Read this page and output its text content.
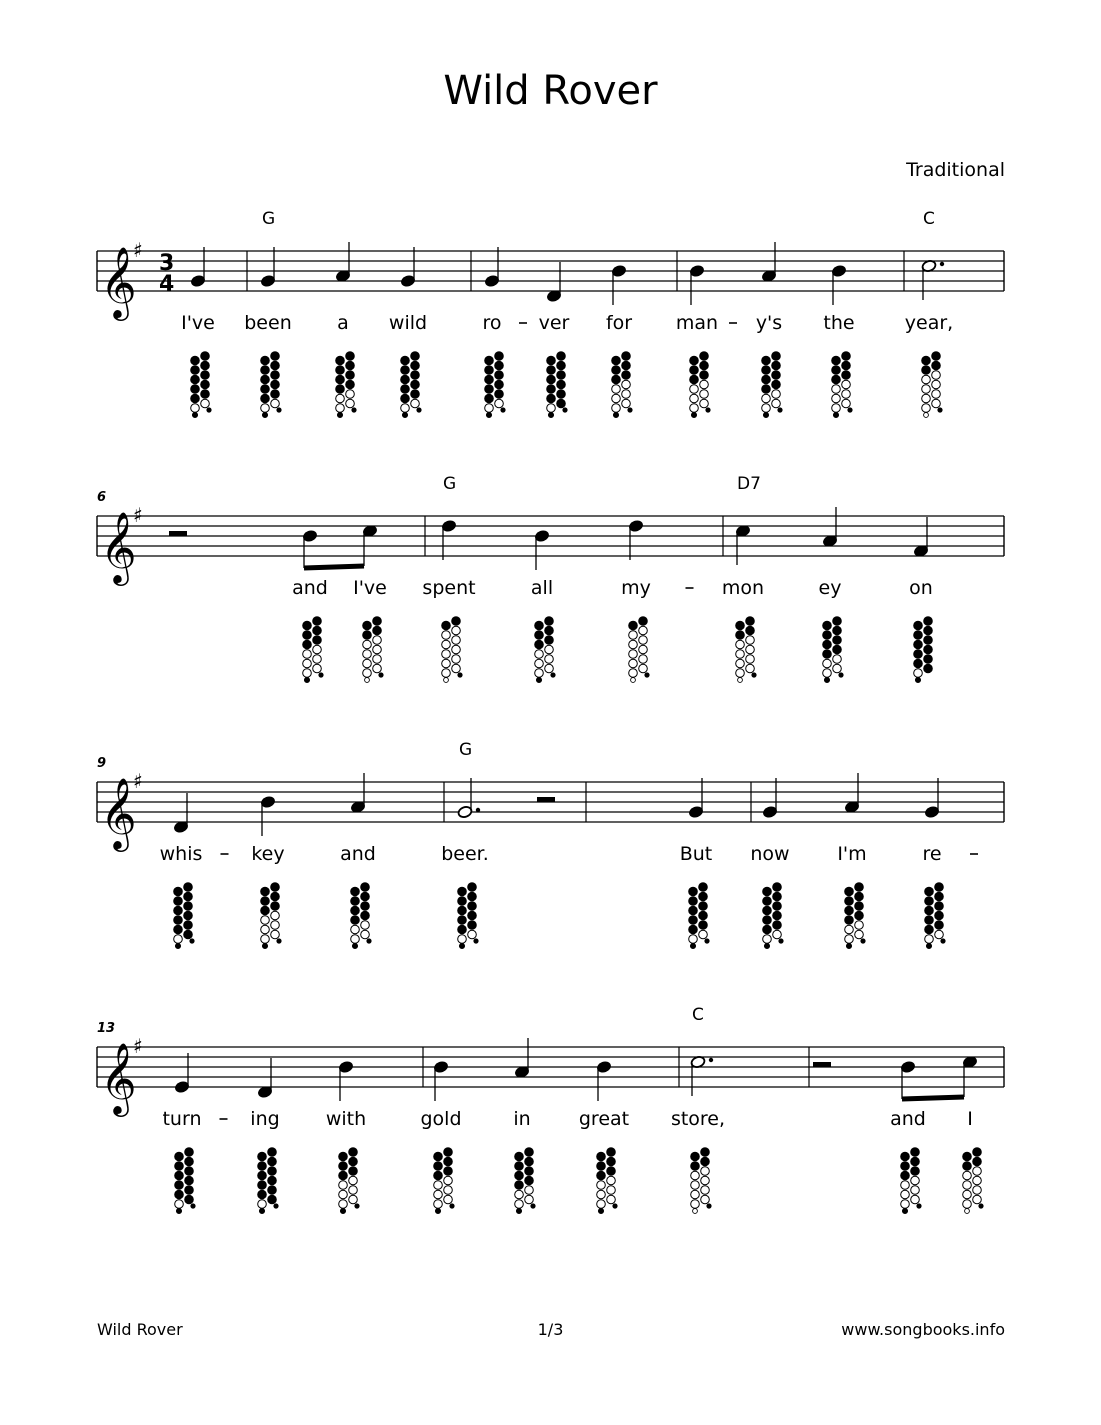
Wild Rover
Traditional
𝄞
♯
3
4
G	C
I've been a wild	ro ver for man y's the	year,
𝄞
♯
6
G	D7
and I've spent	all	my	mon	ey	on
𝄞
♯
9
G
whis	key	and	beer.	But now	I'm	re
𝄞
♯
13
C
turn	ing with	gold	in	great store,	and I
Wild Rover	1/3	www.songbooks.info
